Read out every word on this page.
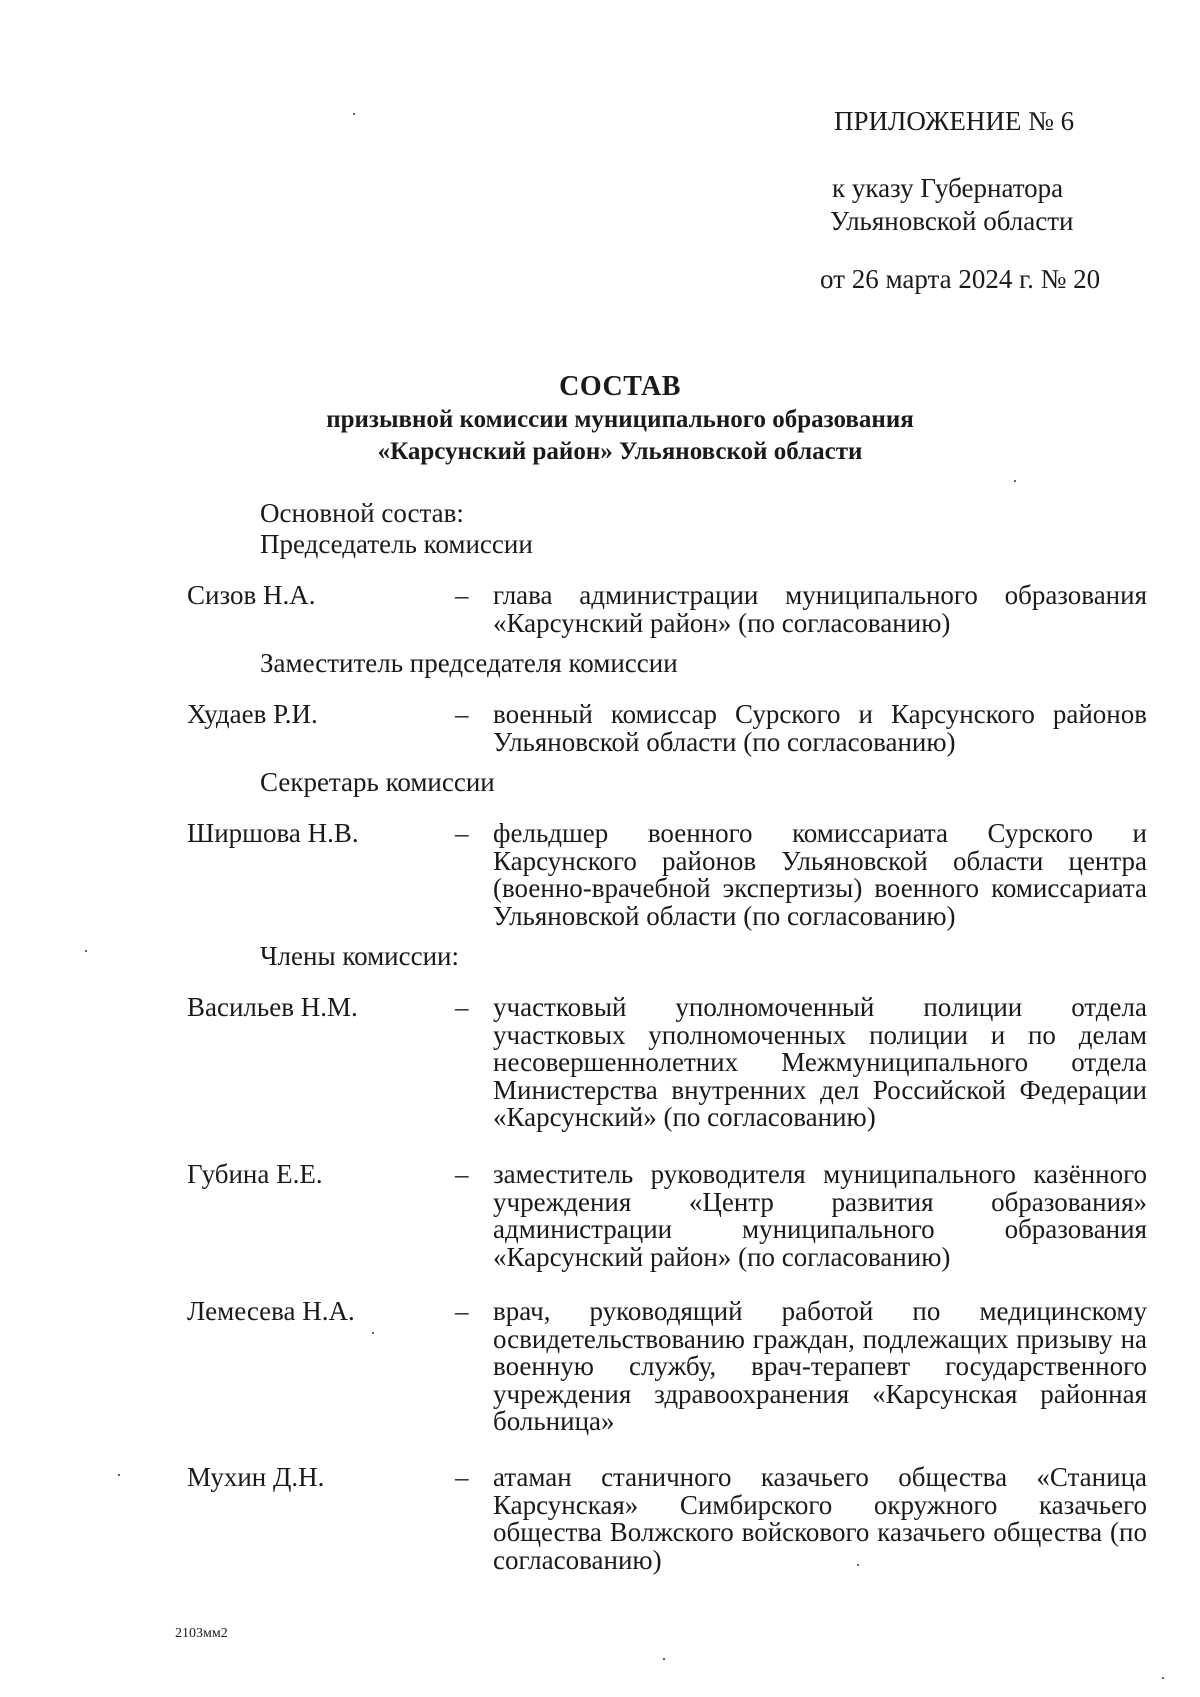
ПРИЛОЖЕНИЕ № 6
к указу Губернатора
Ульяновской области
от 26 марта 2024 г. № 20
СОСТАВ
призывной комиссии муниципального образования
«Карсунский район» Ульяновской области
Основной состав:
Председатель комиссии
Сизов Н.А.	– глава администрации муниципального образования «Карсунский район» (по согласованию)
Заместитель председателя комиссии
Худаев Р.И.	– военный комиссар Сурского и Карсунского районов Ульяновской области (по согласованию)
Секретарь комиссии
Ширшова Н.В.	– фельдшер военного комиссариата Сурского и Карсунского районов Ульяновской области центра (военно-врачебной экспертизы) военного комиссариата Ульяновской области (по согласованию)
Члены комиссии:
Васильев Н.М.	– участковый уполномоченный полиции отдела участковых уполномоченных полиции и по делам несовершеннолетних Межмуниципального отдела Министерства внутренних дел Российской Федерации «Карсунский» (по согласованию)
Губина Е.Е.	– заместитель руководителя муниципального казённого учреждения «Центр развития образования» администрации муниципального образования «Карсунский район» (по согласованию)
Лемесева Н.А.	– врач, руководящий работой по медицинскому освидетельствованию граждан, подлежащих призыву на военную службу, врач-терапевт государственного учреждения здравоохранения «Карсунская районная больница»
Мухин Д.Н.	– атаман станичного казачьего общества «Станица Карсунская» Симбирского окружного казачьего общества Волжского войскового казачьего общества (по согласованию)
2103мм2
